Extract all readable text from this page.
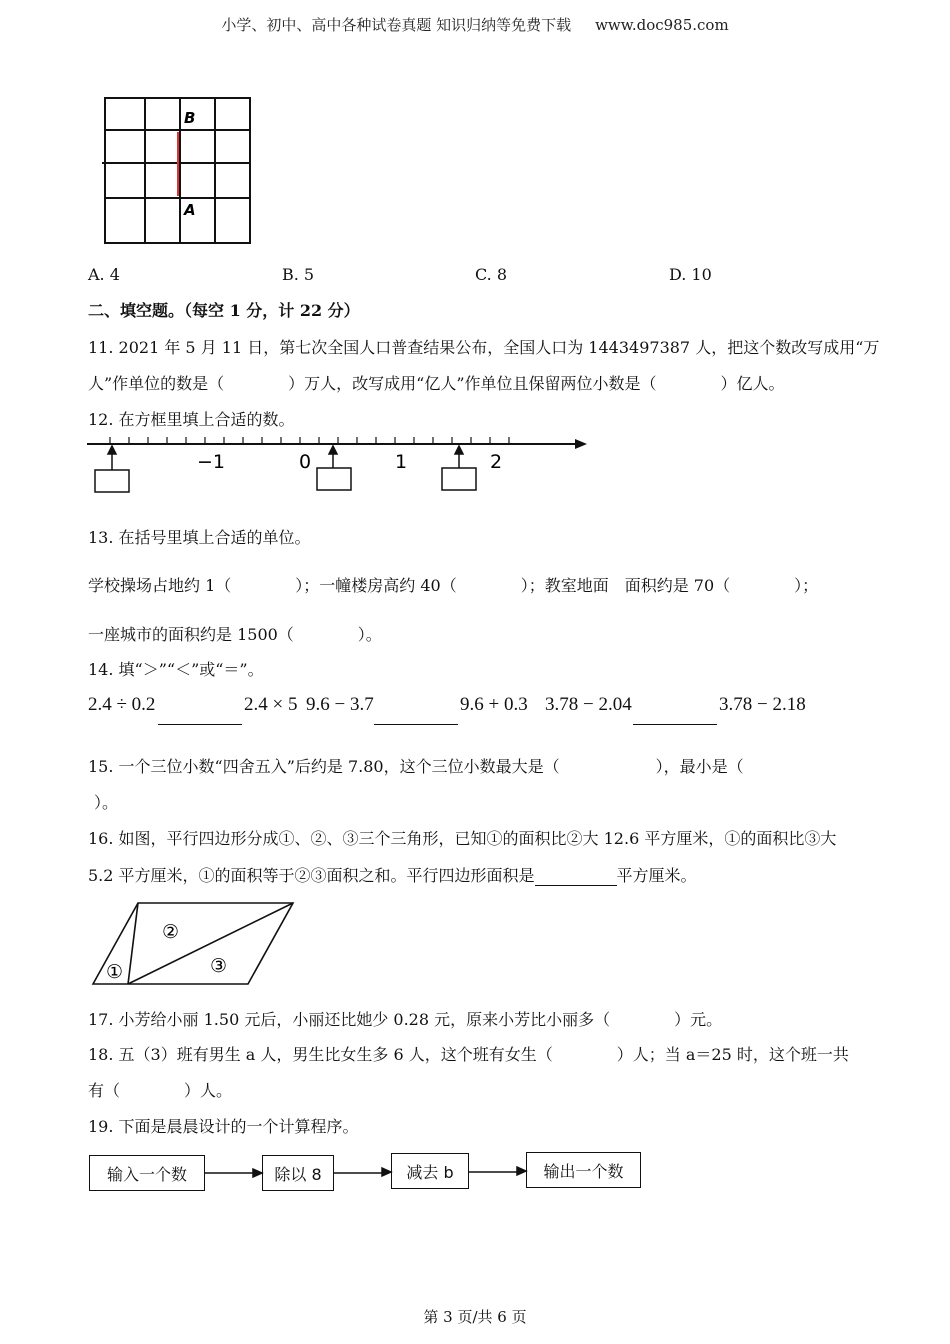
小学、初中、高中各种试卷真题 知识归纳等免费下载 www.doc985.com
B
A
A. 4	B. 5	C. 8	D. 10
二、填空题。（每空 1 分，计 22 分）
11. 2021 年 5 月 11 日，第七次全国人口普查结果公布，全国人口为 1443497387 人，把这个数改写成用“万
人”作单位的数是（　　　　）万人，改写成用“亿人”作单位且保留两位小数是（　　　　）亿人。
12. 在方框里填上合适的数。
−1	0	1	2
13. 在括号里填上合适的单位。
学校操场占地约 1（　　　　）；一幢楼房高约 40（　　　　）；教室地面　面积约是 70（　　　　）；
一座城市的面积约是 1500（　　　　）。
14. 填“＞”“＜”或“＝”。
2.4 ÷ 0.2	2.4 × 5 9.6 − 3.7	9.6 + 0.3 3.78 − 2.04	3.78 − 2.18
15. 一个三位小数“四舍五入”后约是 7.80，这个三位小数最大是（　　　　　　），最小是（
）。
16. 如图，平行四边形分成①、②、③三个三角形，已知①的面积比②大 12.6 平方厘米，①的面积比③大
5.2 平方厘米，①的面积等于②③面积之和。平行四边形面积是	平方厘米。
①
②
③
17. 小芳给小丽 1.50 元后，小丽还比她少 0.28 元，原来小芳比小丽多（　　　　）元。
18. 五（3）班有男生 a 人，男生比女生多 6 人，这个班有女生（　　　　）人；当 a＝25 时，这个班一共
有（　　　　）人。
19. 下面是晨晨设计的一个计算程序。
输入一个数	除以 8	减去 b	输出一个数
第 3 页/共 6 页
